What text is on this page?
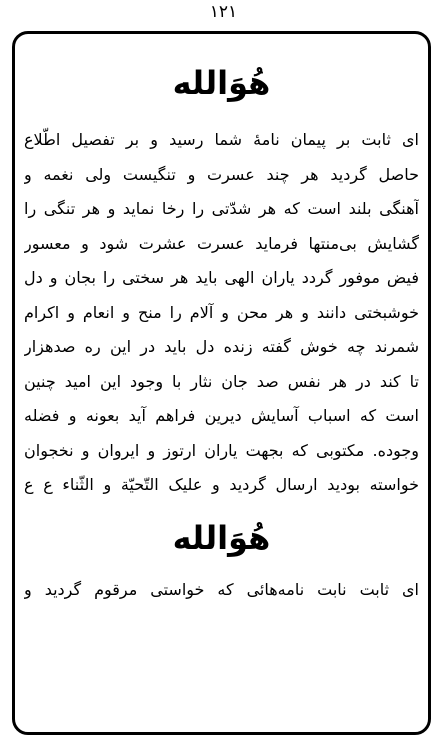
۱۲۱
هُوَالله
ای ثابت بر پیمان نامهٔ شما رسید و بر تفصیل اطّلاع
حاصل گردید هر چند عسرت و تنگیست ولی نغمه و
آهنگی بلند است که هر شدّتی را رخا نماید و هر تنگی را
گشایش بی‌منتها فرماید عسرت عشرت شود و معسور
فیض موفور گردد یاران الهی باید هر سختی را بجان و دل
خوشبختی دانند و هر محن و آلام را منح و انعام و اکرام
شمرند چه خوش گفته زنده دل باید در این ره صدهزار
تا کند در هر نفس صد جان نثار با وجود این امید چنین
است که اسباب آسایش دیرین فراهم آید بعونه و فضله
وجوده. مکتوبی که بجهت یاران ارتوز و ایروان و نخجوان
خواسته بودید ارسال گردید و علیک التّحیّة و الثّناء ع ع
هُوَالله
ای ثابت نابت نامه‌هائی که خواستی مرقوم گردید و
